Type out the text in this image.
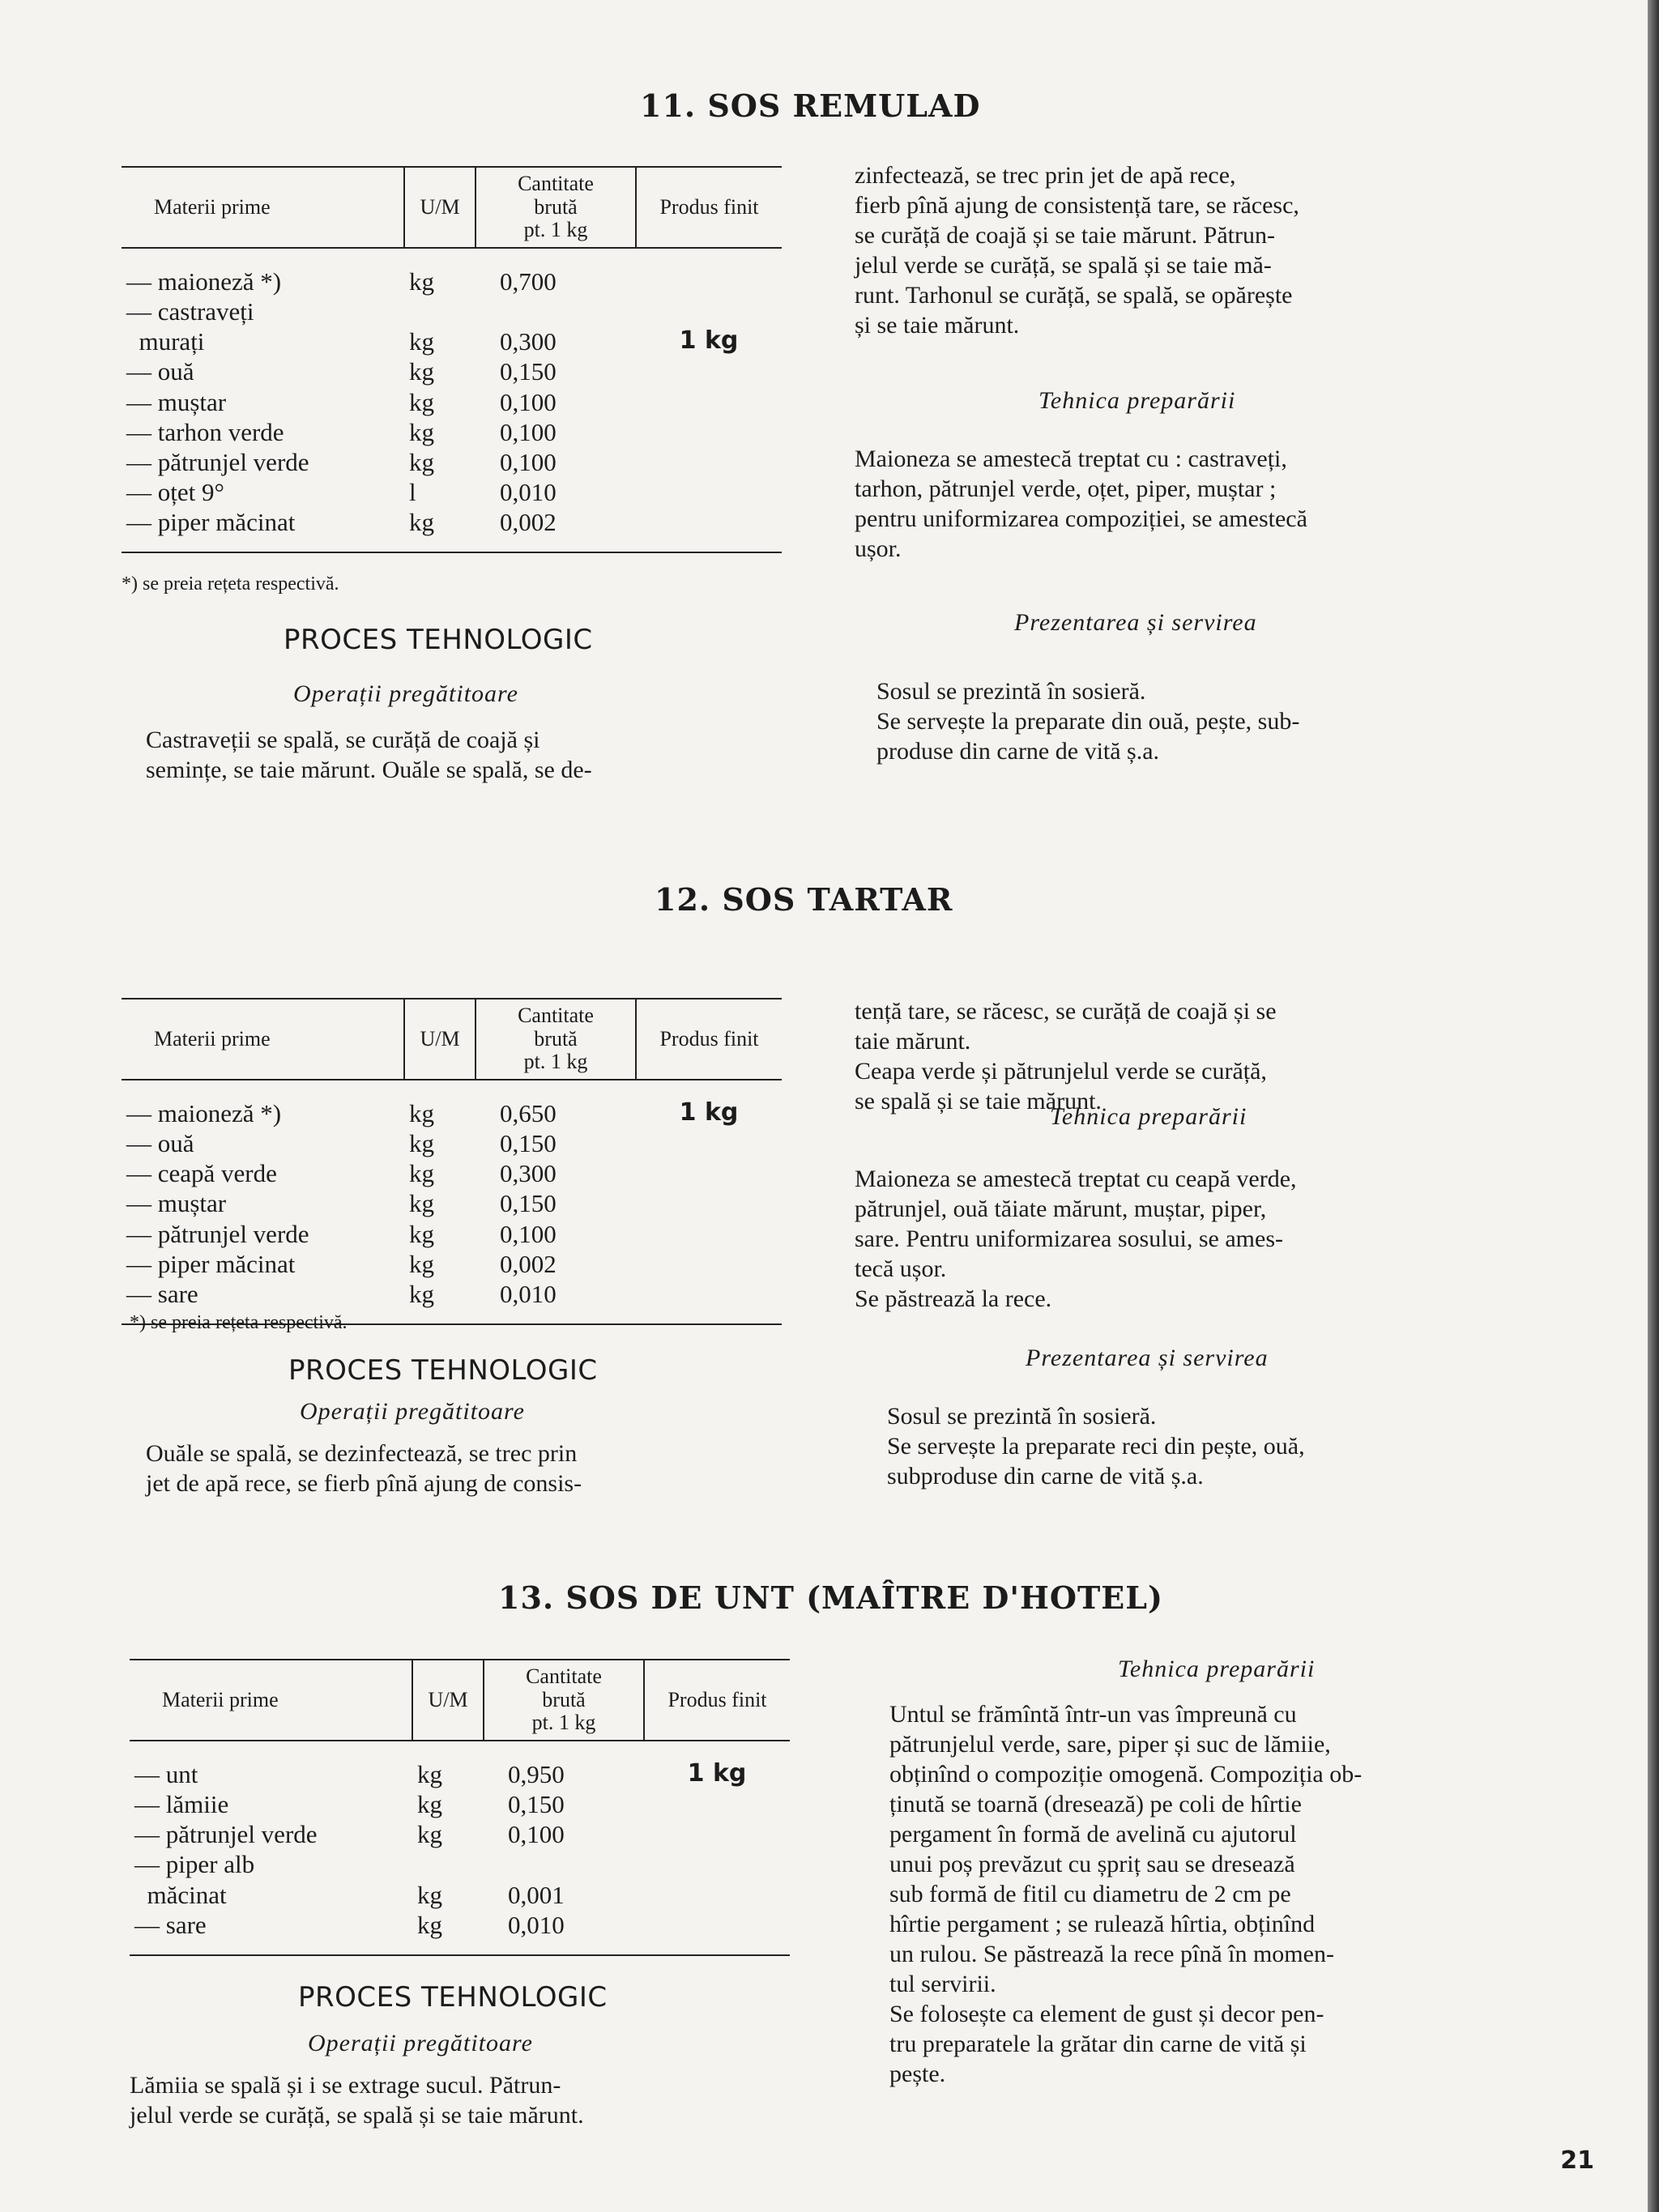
11. SOS REMULAD
Materii prime	U/M	Cantitate
brută
pt. 1 kg	Produs finit
— maioneză *)	kg	0,700	
— castraveți			
murați	kg	0,300	1 kg
— ouă	kg	0,150	
— muștar	kg	0,100	
— tarhon verde	kg	0,100	
— pătrunjel verde	kg	0,100	
— oțet 9°	l	0,010	
— piper măcinat	kg	0,002	
*) se preia rețeta respectivă.
PROCES TEHNOLOGIC
Operații pregătitoare
Castraveții se spală, se curăță de coajă și
semințe, se taie mărunt. Ouăle se spală, se de-
zinfectează, se trec prin jet de apă rece,
fierb pînă ajung de consistență tare, se răcesc,
se curăță de coajă și se taie mărunt. Pătrun-
jelul verde se curăță, se spală și se taie mă-
runt. Tarhonul se curăță, se spală, se opărește
și se taie mărunt.
Tehnica preparării
Maioneza se amestecă treptat cu : castraveți,
tarhon, pătrunjel verde, oțet, piper, muștar ;
pentru uniformizarea compoziției, se amestecă
ușor.
Prezentarea și servirea
Sosul se prezintă în sosieră.
Se servește la preparate din ouă, pește, sub-
produse din carne de vită ș.a.
12. SOS TARTAR
Materii prime	U/M	Cantitate
brută
pt. 1 kg	Produs finit
— maioneză *)	kg	0,650	1 kg
— ouă	kg	0,150	
— ceapă verde	kg	0,300	
— muștar	kg	0,150	
— pătrunjel verde	kg	0,100	
— piper măcinat	kg	0,002	
— sare	kg	0,010	
*) se preia rețeta respectivă.
PROCES TEHNOLOGIC
Operații pregătitoare
Ouăle se spală, se dezinfectează, se trec prin
jet de apă rece, se fierb pînă ajung de consis-
tență tare, se răcesc, se curăță de coajă și se
taie mărunt.
Ceapa verde și pătrunjelul verde se curăță,
se spală și se taie mărunt.
Tehnica preparării
Maioneza se amestecă treptat cu ceapă verde,
pătrunjel, ouă tăiate mărunt, muștar, piper,
sare. Pentru uniformizarea sosului, se ames-
tecă ușor.
Se păstrează la rece.
Prezentarea și servirea
Sosul se prezintă în sosieră.
Se servește la preparate reci din pește, ouă,
subproduse din carne de vită ș.a.
13. SOS DE UNT (MAÎTRE D'HOTEL)
Materii prime	U/M	Cantitate
brută
pt. 1 kg	Produs finit
— unt	kg	0,950	1 kg
— lămiie	kg	0,150	
— pătrunjel verde	kg	0,100	
— piper alb			
măcinat	kg	0,001	
— sare	kg	0,010	
PROCES TEHNOLOGIC
Operații pregătitoare
Lămiia se spală și i se extrage sucul. Pătrun-
jelul verde se curăță, se spală și se taie mărunt.
Tehnica preparării
Untul se frămîntă într-un vas împreună cu
pătrunjelul verde, sare, piper și suc de lămiie,
obținînd o compoziție omogenă. Compoziția ob-
ținută se toarnă (dresează) pe coli de hîrtie
pergament în formă de avelină cu ajutorul
unui poș prevăzut cu șpriț sau se dresează
sub formă de fitil cu diametru de 2 cm pe
hîrtie pergament ; se rulează hîrtia, obținînd
un rulou. Se păstrează la rece pînă în momen-
tul servirii.
Se folosește ca element de gust și decor pen-
tru preparatele la grătar din carne de vită și
pește.
21
